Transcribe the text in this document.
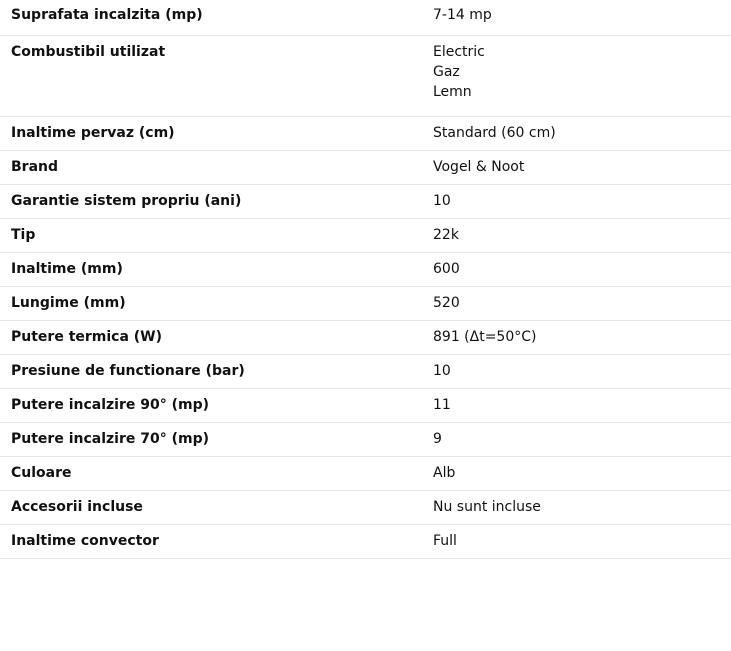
Suprafata incalzita (mp)	7-14 mp

Combustibil utilizat	Electric
Gaz
Lemn

Inaltime pervaz (cm)	Standard (60 cm)

Brand	Vogel & Noot

Garantie sistem propriu (ani)	10

Tip	22k

Inaltime (mm)	600

Lungime (mm)	520

Putere termica (W)	891 (Δt=50°C)

Presiune de functionare (bar)	10

Putere incalzire 90° (mp)	11

Putere incalzire 70° (mp)	9

Culoare	Alb

Accesorii incluse	Nu sunt incluse

Inaltime convector	Full
